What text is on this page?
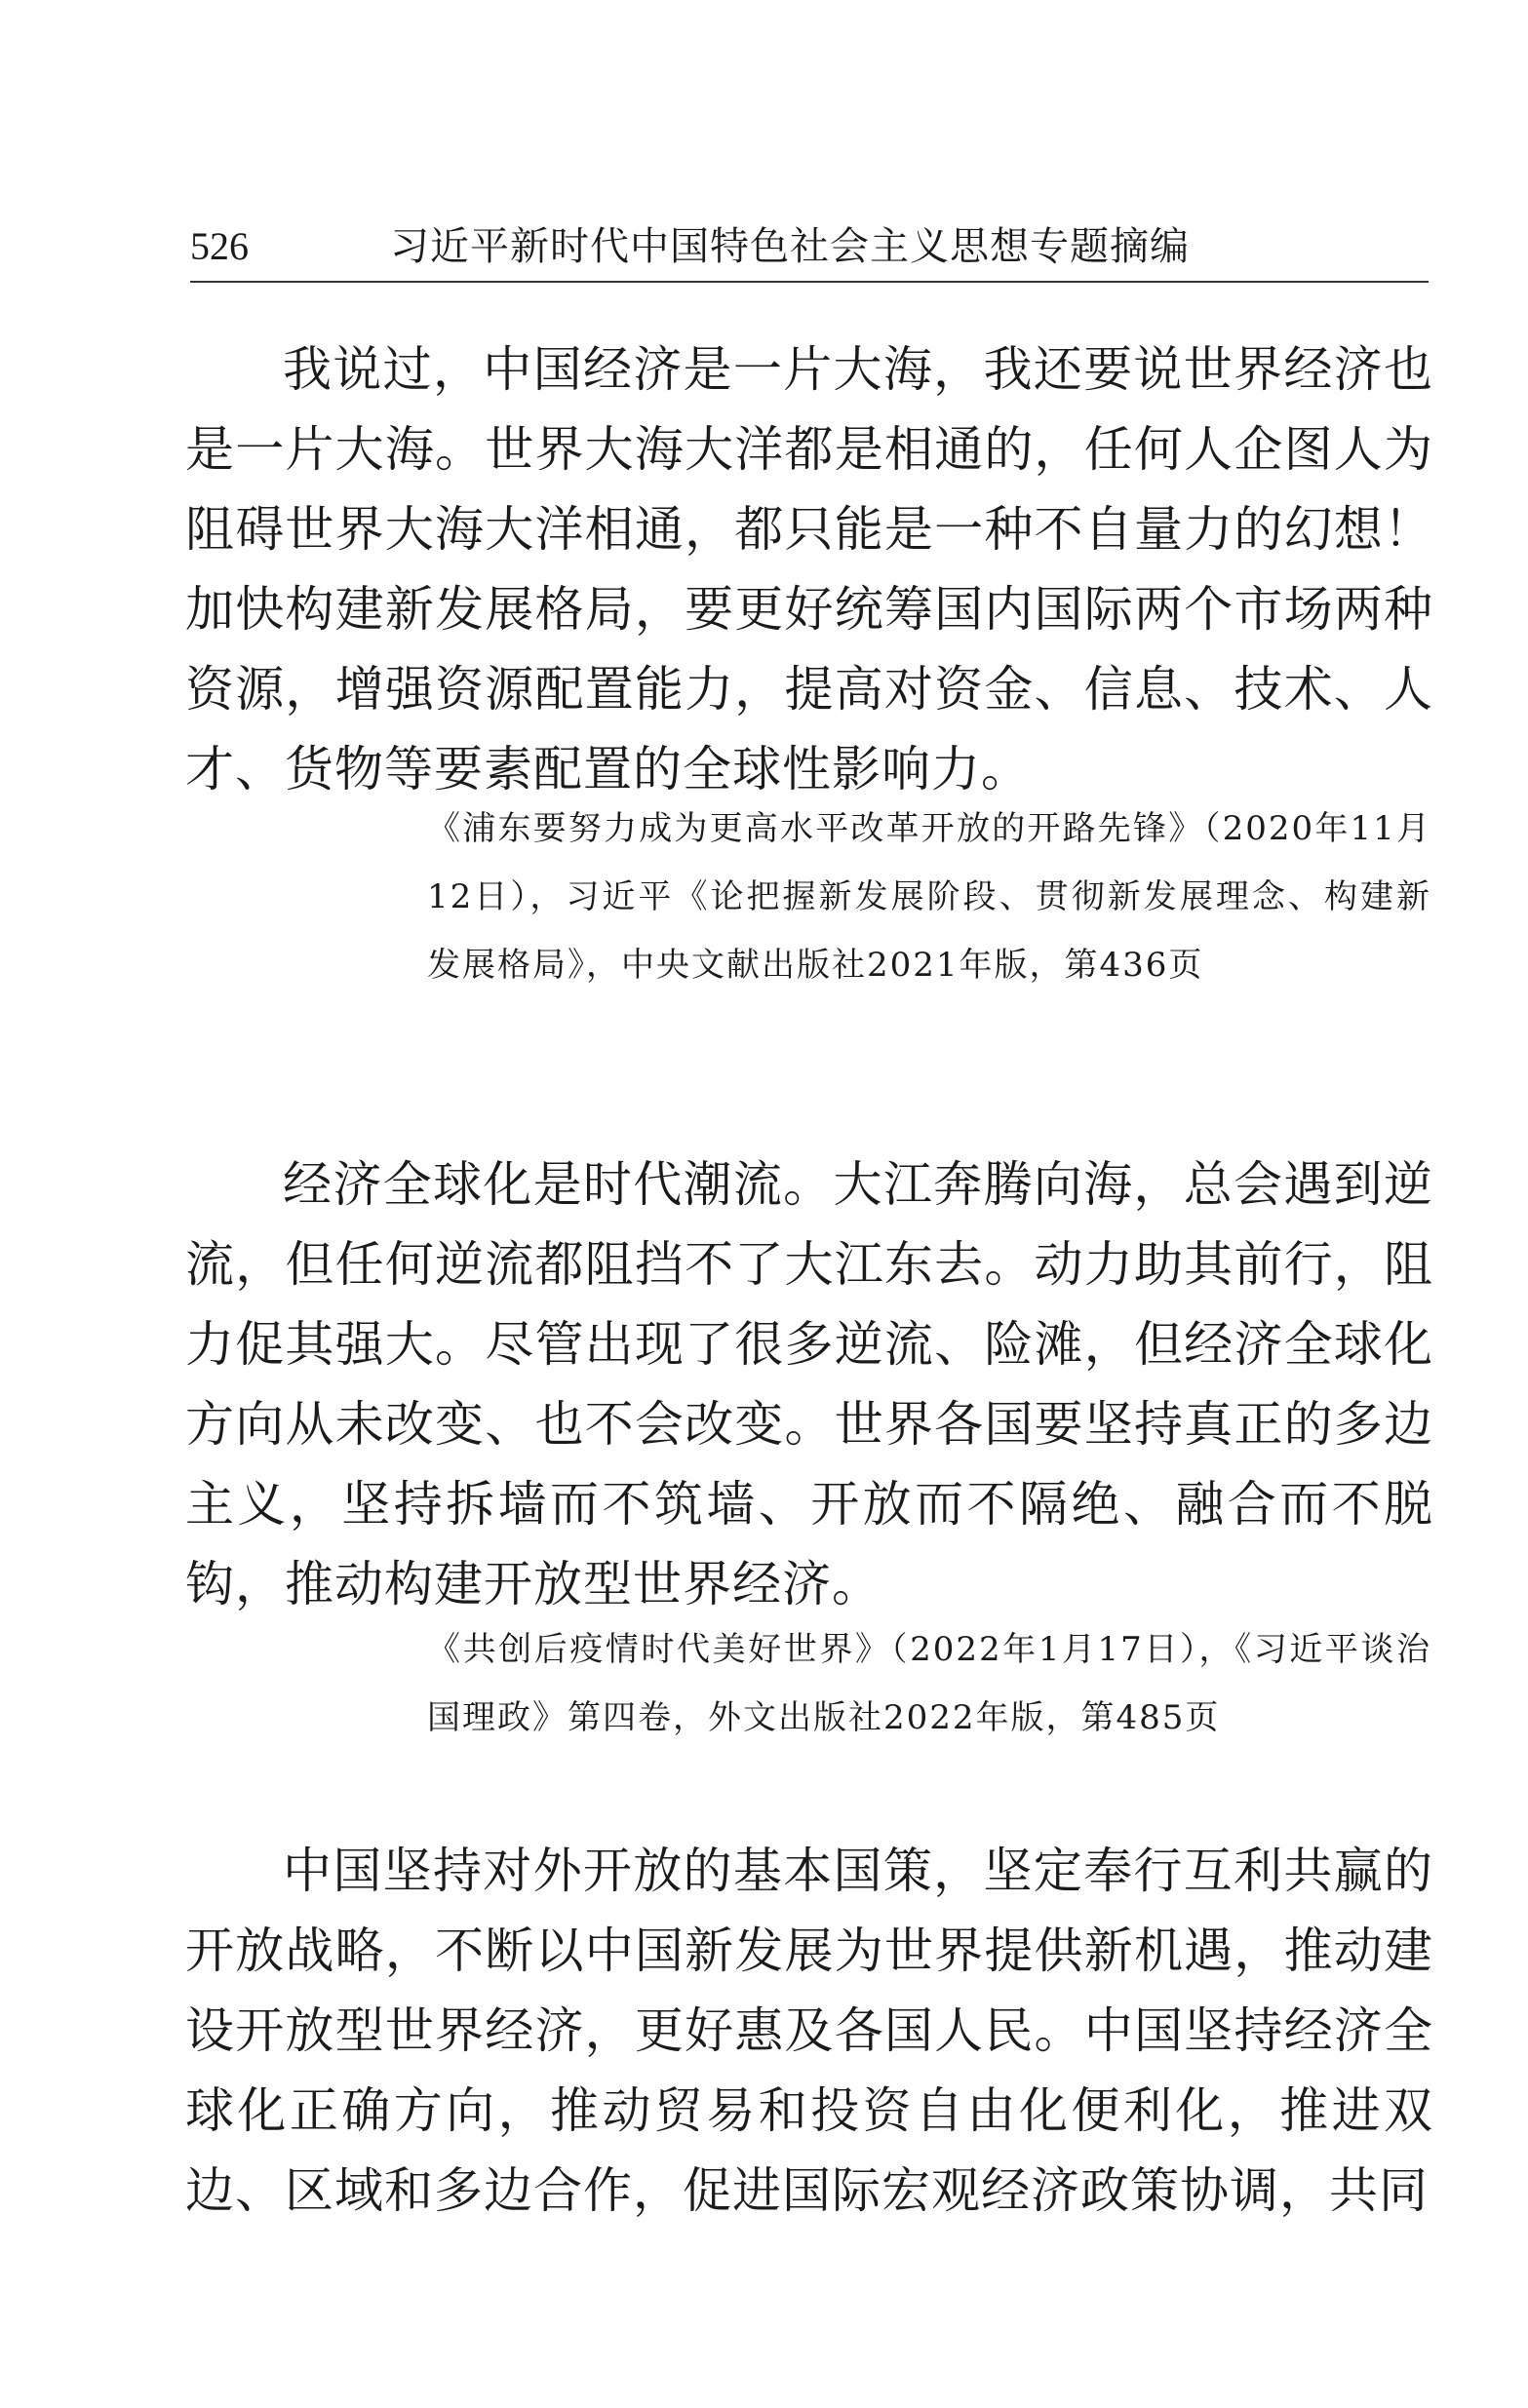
526	习近平新时代中国特色社会主义思想专题摘编

我说过，中国经济是一片大海，我还要说世界经济也是一片大海。世界大海大洋都是相通的，任何人企图人为阻碍世界大海大洋相通，都只能是一种不自量力的幻想！加快构建新发展格局，要更好统筹国内国际两个市场两种资源，增强资源配置能力，提高对资金、信息、技术、人才、货物等要素配置的全球性影响力。

《浦东要努力成为更高水平改革开放的开路先锋》（2020年11月12日），习近平《论把握新发展阶段、贯彻新发展理念、构建新发展格局》，中央文献出版社2021年版，第436页

经济全球化是时代潮流。大江奔腾向海，总会遇到逆流，但任何逆流都阻挡不了大江东去。动力助其前行，阻力促其强大。尽管出现了很多逆流、险滩，但经济全球化方向从未改变、也不会改变。世界各国要坚持真正的多边主义，坚持拆墙而不筑墙、开放而不隔绝、融合而不脱钩，推动构建开放型世界经济。

《共创后疫情时代美好世界》（2022年1月17日），《习近平谈治国理政》第四卷，外文出版社2022年版，第485页

中国坚持对外开放的基本国策，坚定奉行互利共赢的开放战略，不断以中国新发展为世界提供新机遇，推动建设开放型世界经济，更好惠及各国人民。中国坚持经济全球化正确方向，推动贸易和投资自由化便利化，推进双边、区域和多边合作，促进国际宏观经济政策协调，共同
